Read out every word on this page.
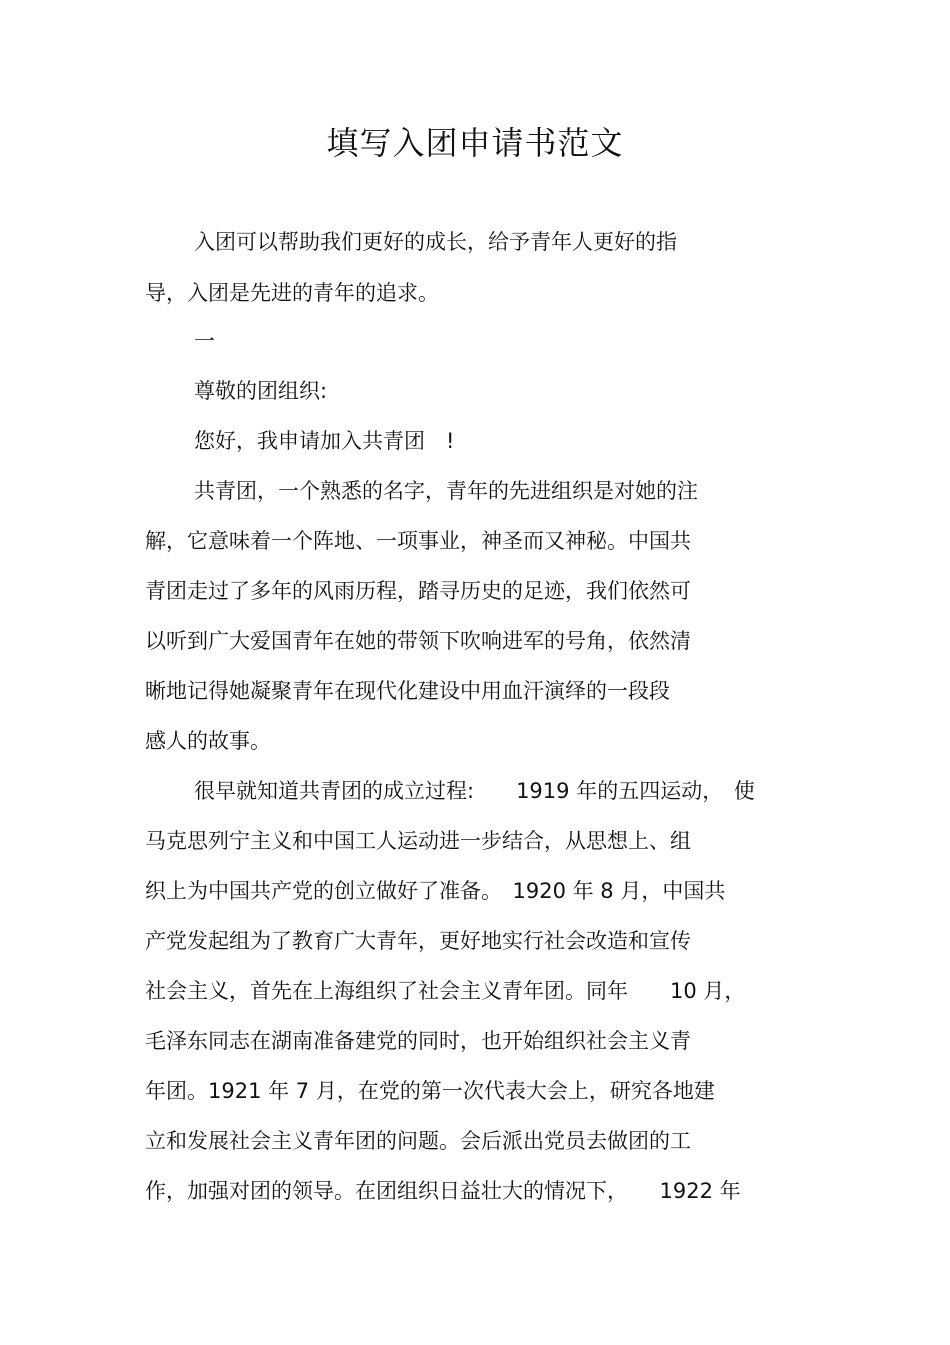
填写入团申请书范文
入团可以帮助我们更好的成长，给予青年人更好的指
导，入团是先进的青年的追求。
一
尊敬的团组织:
您好，我申请加入共青团　!
共青团，一个熟悉的名字，青年的先进组织是对她的注
解，它意味着一个阵地、一项事业，神圣而又神秘。中国共
青团走过了多年的风雨历程，踏寻历史的足迹，我们依然可
以听到广大爱国青年在她的带领下吹响进军的号角，依然清
晰地记得她凝聚青年在现代化建设中用血汗演绎的一段段
感人的故事。
很早就知道共青团的成立过程:　　1919 年的五四运动，　使
马克思列宁主义和中国工人运动进一步结合，从思想上、组
织上为中国共产党的创立做好了准备。　1920 年 8 月，中国共
产党发起组为了教育广大青年，更好地实行社会改造和宣传
社会主义，首先在上海组织了社会主义青年团。同年　　10 月，
毛泽东同志在湖南准备建党的同时，也开始组织社会主义青
年团。1921 年 7 月，在党的第一次代表大会上，研究各地建
立和发展社会主义青年团的问题。会后派出党员去做团的工
作，加强对团的领导。在团组织日益壮大的情况下，　　1922 年
